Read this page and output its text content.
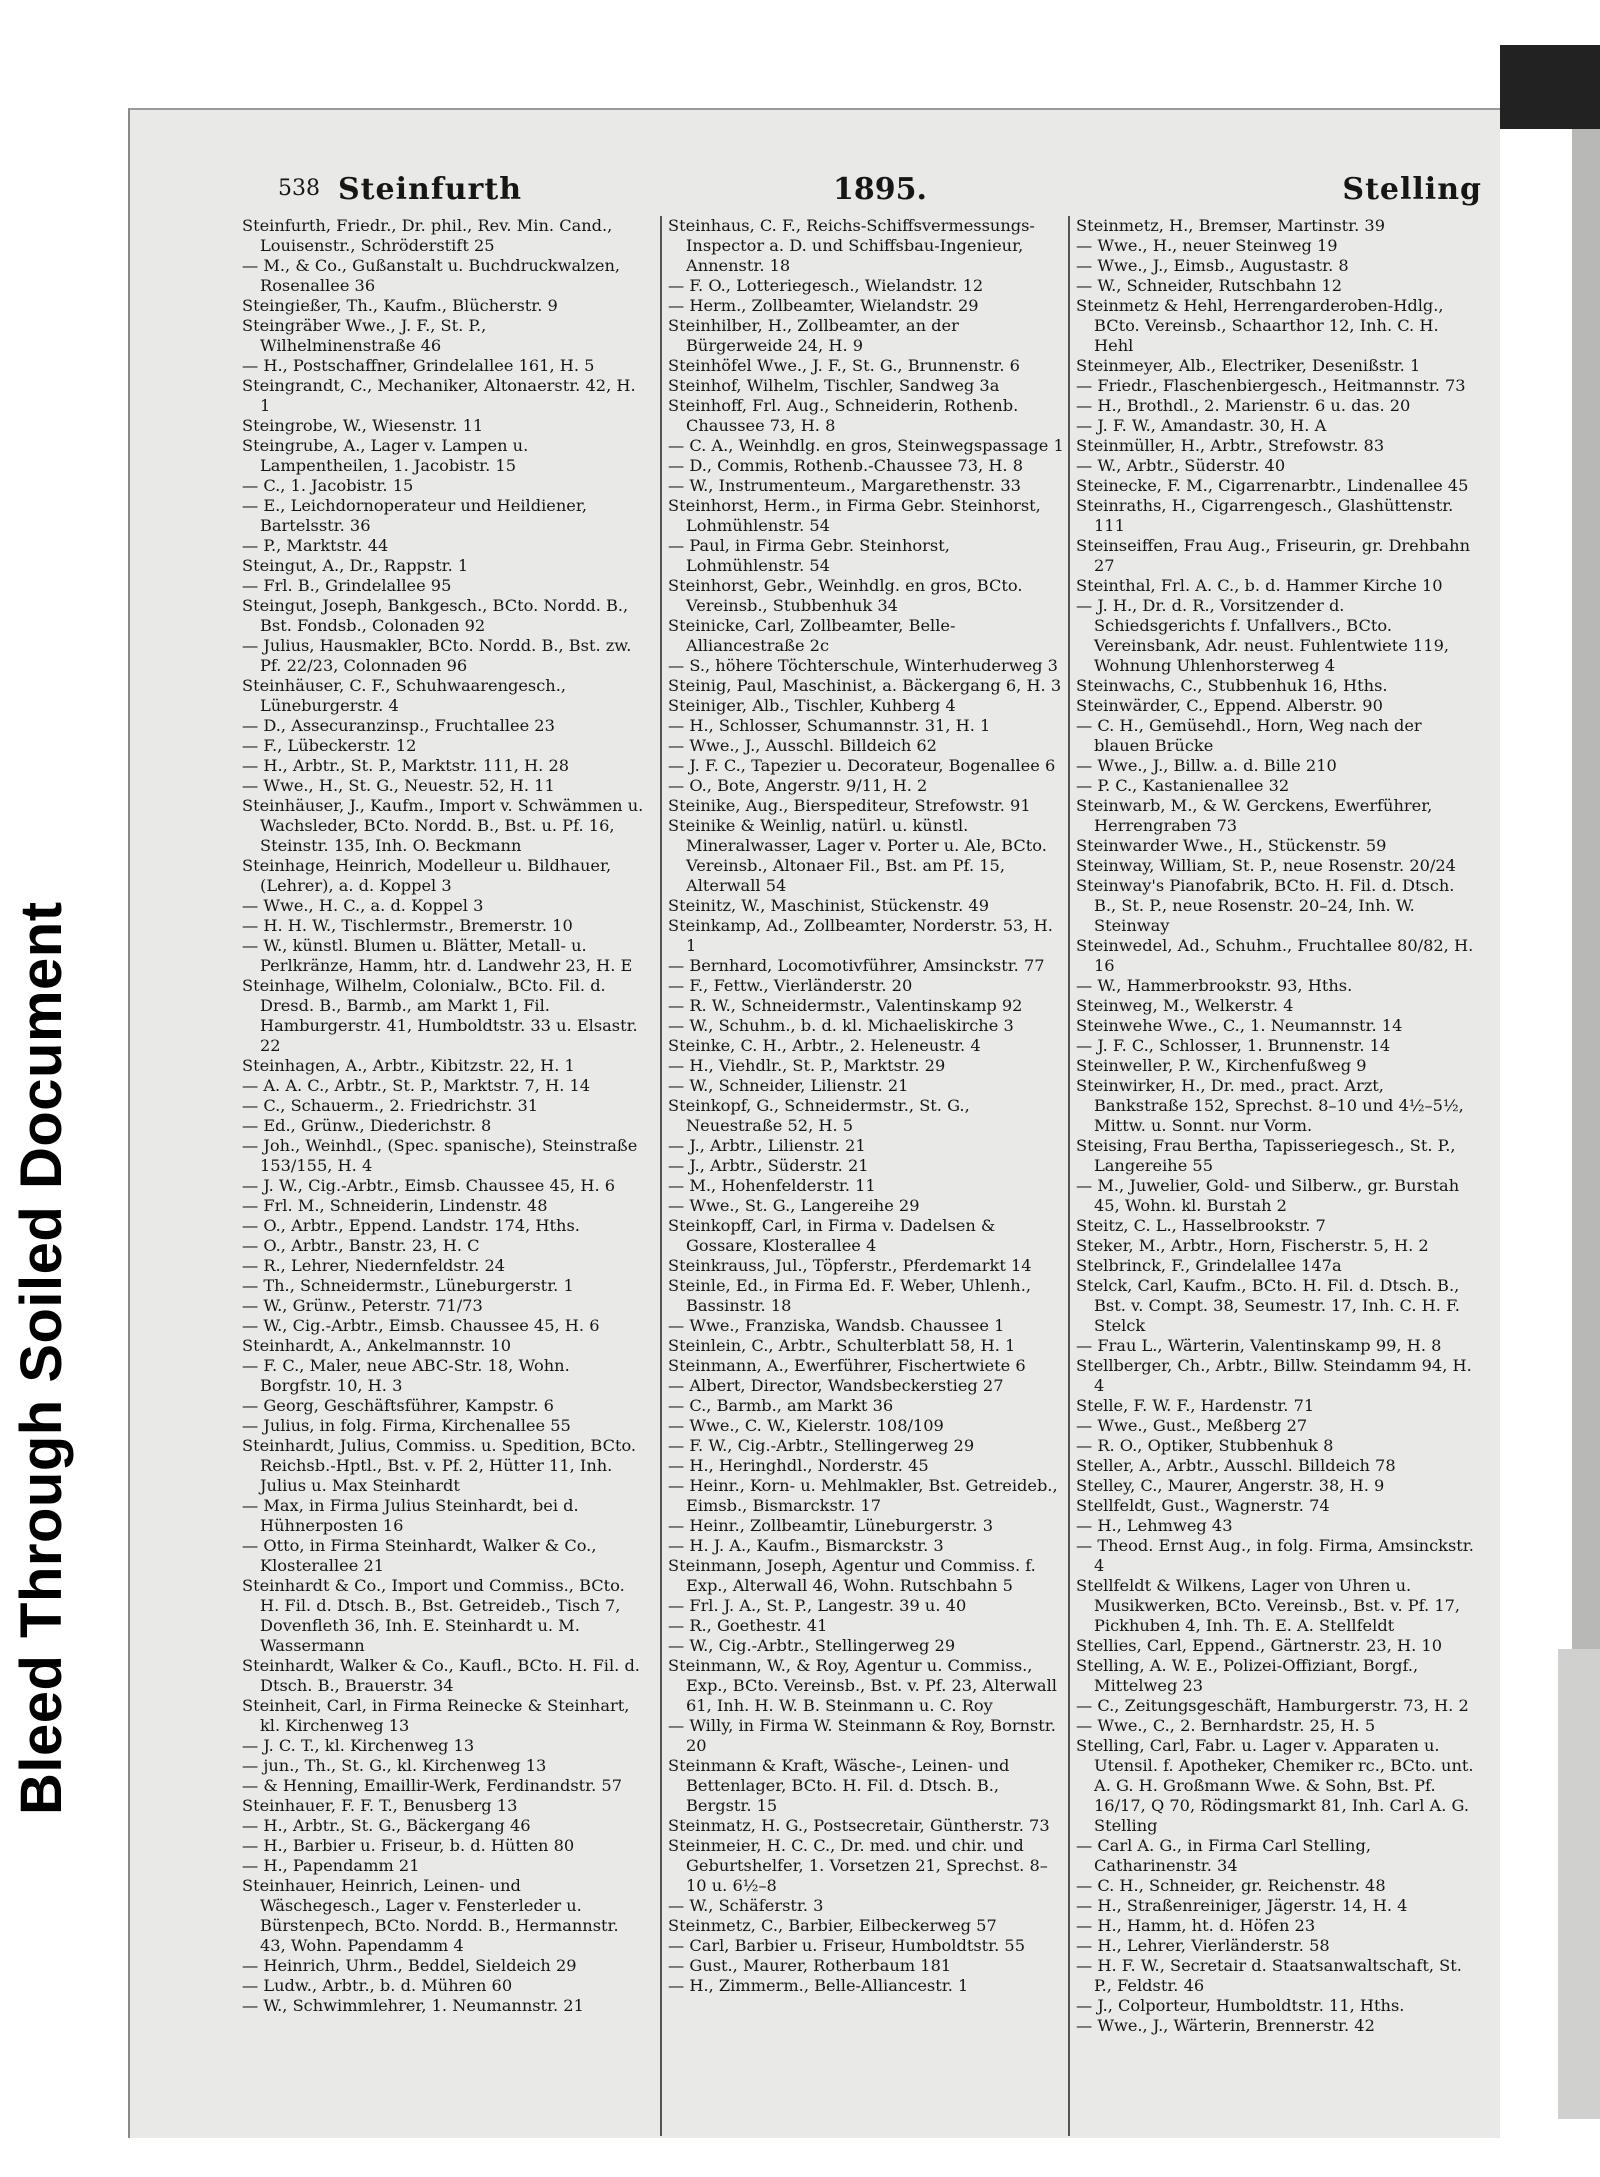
Bleed Through Soiled Document
538 Steinfurth	1895.	Stelling

Steinfurth, Friedr., Dr. phil., Rev. Min. Cand., Louisenstr., Schröderstift 25

— M., & Co., Gußanstalt u. Buchdruckwalzen, Rosenallee 36

Steingießer, Th., Kaufm., Blücherstr. 9

Steingräber Wwe., J. F., St. P., Wilhelminenstraße 46

— H., Postschaffner, Grindelallee 161, H. 5

Steingrandt, C., Mechaniker, Altonaerstr. 42, H. 1

Steingrobe, W., Wiesenstr. 11

Steingrube, A., Lager v. Lampen u. Lampentheilen, 1. Jacobistr. 15

— C., 1. Jacobistr. 15

— E., Leichdornoperateur und Heildiener, Bartelsstr. 36

— P., Marktstr. 44

Steingut, A., Dr., Rappstr. 1

— Frl. B., Grindelallee 95

Steingut, Joseph, Bankgesch., BCto. Nordd. B., Bst. Fondsb., Colonaden 92

— Julius, Hausmakler, BCto. Nordd. B., Bst. zw. Pf. 22/23, Colonnaden 96

Steinhäuser, C. F., Schuhwaarengesch., Lüneburgerstr. 4

— D., Assecuranzinsp., Fruchtallee 23

— F., Lübeckerstr. 12

— H., Arbtr., St. P., Marktstr. 111, H. 28

— Wwe., H., St. G., Neuestr. 52, H. 11

Steinhäuser, J., Kaufm., Import v. Schwämmen u. Wachsleder, BCto. Nordd. B., Bst. u. Pf. 16, Steinstr. 135, Inh. O. Beckmann

Steinhage, Heinrich, Modelleur u. Bildhauer, (Lehrer), a. d. Koppel 3

— Wwe., H. C., a. d. Koppel 3

— H. H. W., Tischlermstr., Bremerstr. 10

— W., künstl. Blumen u. Blätter, Metall- u. Perlkränze, Hamm, htr. d. Landwehr 23, H. E

Steinhage, Wilhelm, Colonialw., BCto. Fil. d. Dresd. B., Barmb., am Markt 1, Fil. Hamburgerstr. 41, Humboldtstr. 33 u. Elsastr. 22

Steinhagen, A., Arbtr., Kibitzstr. 22, H. 1

— A. A. C., Arbtr., St. P., Marktstr. 7, H. 14

— C., Schauerm., 2. Friedrichstr. 31

— Ed., Grünw., Diederichstr. 8

— Joh., Weinhdl., (Spec. spanische), Steinstraße 153/155, H. 4

— J. W., Cig.-Arbtr., Eimsb. Chaussee 45, H. 6

— Frl. M., Schneiderin, Lindenstr. 48

— O., Arbtr., Eppend. Landstr. 174, Hths.

— O., Arbtr., Banstr. 23, H. C

— R., Lehrer, Niedernfeldstr. 24

— Th., Schneidermstr., Lüneburgerstr. 1

— W., Grünw., Peterstr. 71/73

— W., Cig.-Arbtr., Eimsb. Chaussee 45, H. 6

Steinhardt, A., Ankelmannstr. 10

— F. C., Maler, neue ABC-Str. 18, Wohn. Borgfstr. 10, H. 3

— Georg, Geschäftsführer, Kampstr. 6

— Julius, in folg. Firma, Kirchenallee 55

Steinhardt, Julius, Commiss. u. Spedition, BCto. Reichsb.-Hptl., Bst. v. Pf. 2, Hütter 11, Inh. Julius u. Max Steinhardt

— Max, in Firma Julius Steinhardt, bei d. Hühnerposten 16

— Otto, in Firma Steinhardt, Walker & Co., Klosterallee 21

Steinhardt & Co., Import und Commiss., BCto. H. Fil. d. Dtsch. B., Bst. Getreideb., Tisch 7, Dovenfleth 36, Inh. E. Steinhardt u. M. Wassermann

Steinhardt, Walker & Co., Kaufl., BCto. H. Fil. d. Dtsch. B., Brauerstr. 34

Steinheit, Carl, in Firma Reinecke & Steinhart, kl. Kirchenweg 13

— J. C. T., kl. Kirchenweg 13

— jun., Th., St. G., kl. Kirchenweg 13

— & Henning, Emaillir-Werk, Ferdinandstr. 57

Steinhauer, F. F. T., Benusberg 13

— H., Arbtr., St. G., Bäckergang 46

— H., Barbier u. Friseur, b. d. Hütten 80

— H., Papendamm 21

Steinhauer, Heinrich, Leinen- und Wäschegesch., Lager v. Fensterleder u. Bürstenpech, BCto. Nordd. B., Hermannstr. 43, Wohn. Papendamm 4

— Heinrich, Uhrm., Beddel, Sieldeich 29

— Ludw., Arbtr., b. d. Mühren 60

— W., Schwimmlehrer, 1. Neumannstr. 21

Steinhaus, C. F., Reichs-Schiffsvermessungs-Inspector a. D. und Schiffsbau-Ingenieur, Annenstr. 18

— F. O., Lotteriegesch., Wielandstr. 12

— Herm., Zollbeamter, Wielandstr. 29

Steinhilber, H., Zollbeamter, an der Bürgerweide 24, H. 9

Steinhöfel Wwe., J. F., St. G., Brunnenstr. 6

Steinhof, Wilhelm, Tischler, Sandweg 3a

Steinhoff, Frl. Aug., Schneiderin, Rothenb. Chaussee 73, H. 8

— C. A., Weinhdlg. en gros, Steinwegspassage 1

— D., Commis, Rothenb.-Chaussee 73, H. 8

— W., Instrumenteum., Margarethenstr. 33

Steinhorst, Herm., in Firma Gebr. Steinhorst, Lohmühlenstr. 54

— Paul, in Firma Gebr. Steinhorst, Lohmühlenstr. 54

Steinhorst, Gebr., Weinhdlg. en gros, BCto. Vereinsb., Stubbenhuk 34

Steinicke, Carl, Zollbeamter, Belle-Alliancestraße 2c

— S., höhere Töchterschule, Winterhuderweg 3

Steinig, Paul, Maschinist, a. Bäckergang 6, H. 3

Steiniger, Alb., Tischler, Kuhberg 4

— H., Schlosser, Schumannstr. 31, H. 1

— Wwe., J., Ausschl. Billdeich 62

— J. F. C., Tapezier u. Decorateur, Bogenallee 6

— O., Bote, Angerstr. 9/11, H. 2

Steinike, Aug., Bierspediteur, Strefowstr. 91

Steinike & Weinlig, natürl. u. künstl. Mineralwasser, Lager v. Porter u. Ale, BCto. Vereinsb., Altonaer Fil., Bst. am Pf. 15, Alterwall 54

Steinitz, W., Maschinist, Stückenstr. 49

Steinkamp, Ad., Zollbeamter, Norderstr. 53, H. 1

— Bernhard, Locomotivführer, Amsinckstr. 77

— F., Fettw., Vierländerstr. 20

— R. W., Schneidermstr., Valentinskamp 92

— W., Schuhm., b. d. kl. Michaeliskirche 3

Steinke, C. H., Arbtr., 2. Heleneustr. 4

— H., Viehdlr., St. P., Marktstr. 29

— W., Schneider, Lilienstr. 21

Steinkopf, G., Schneidermstr., St. G., Neuestraße 52, H. 5

— J., Arbtr., Lilienstr. 21

— J., Arbtr., Süderstr. 21

— M., Hohenfelderstr. 11

— Wwe., St. G., Langereihe 29

Steinkopff, Carl, in Firma v. Dadelsen & Gossare, Klosterallee 4

Steinkrauss, Jul., Töpferstr., Pferdemarkt 14

Steinle, Ed., in Firma Ed. F. Weber, Uhlenh., Bassinstr. 18

— Wwe., Franziska, Wandsb. Chaussee 1

Steinlein, C., Arbtr., Schulterblatt 58, H. 1

Steinmann, A., Ewerführer, Fischertwiete 6

— Albert, Director, Wandsbeckerstieg 27

— C., Barmb., am Markt 36

— Wwe., C. W., Kielerstr. 108/109

— F. W., Cig.-Arbtr., Stellingerweg 29

— H., Heringhdl., Norderstr. 45

— Heinr., Korn- u. Mehlmakler, Bst. Getreideb., Eimsb., Bismarckstr. 17

— Heinr., Zollbeamtir, Lüneburgerstr. 3

— H. J. A., Kaufm., Bismarckstr. 3

Steinmann, Joseph, Agentur und Commiss. f. Exp., Alterwall 46, Wohn. Rutschbahn 5

— Frl. J. A., St. P., Langestr. 39 u. 40

— R., Goethestr. 41

— W., Cig.-Arbtr., Stellingerweg 29

Steinmann, W., & Roy, Agentur u. Commiss., Exp., BCto. Vereinsb., Bst. v. Pf. 23, Alterwall 61, Inh. H. W. B. Steinmann u. C. Roy

— Willy, in Firma W. Steinmann & Roy, Bornstr. 20

Steinmann & Kraft, Wäsche-, Leinen- und Bettenlager, BCto. H. Fil. d. Dtsch. B., Bergstr. 15

Steinmatz, H. G., Postsecretair, Güntherstr. 73

Steinmeier, H. C. C., Dr. med. und chir. und Geburtshelfer, 1. Vorsetzen 21, Sprechst. 8–10 u. 6½–8

— W., Schäferstr. 3

Steinmetz, C., Barbier, Eilbeckerweg 57

— Carl, Barbier u. Friseur, Humboldtstr. 55

— Gust., Maurer, Rotherbaum 181

— H., Zimmerm., Belle-Alliancestr. 1

Steinmetz, H., Bremser, Martinstr. 39

— Wwe., H., neuer Steinweg 19

— Wwe., J., Eimsb., Augustastr. 8

— W., Schneider, Rutschbahn 12

Steinmetz & Hehl, Herrengarderoben-Hdlg., BCto. Vereinsb., Schaarthor 12, Inh. C. H. Hehl

Steinmeyer, Alb., Electriker, Desenißstr. 1

— Friedr., Flaschenbiergesch., Heitmannstr. 73

— H., Brothdl., 2. Marienstr. 6 u. das. 20

— J. F. W., Amandastr. 30, H. A

Steinmüller, H., Arbtr., Strefowstr. 83

— W., Arbtr., Süderstr. 40

Steinecke, F. M., Cigarrenarbtr., Lindenallee 45

Steinraths, H., Cigarrengesch., Glashüttenstr. 111

Steinseiffen, Frau Aug., Friseurin, gr. Drehbahn 27

Steinthal, Frl. A. C., b. d. Hammer Kirche 10

— J. H., Dr. d. R., Vorsitzender d. Schiedsgerichts f. Unfallvers., BCto. Vereinsbank, Adr. neust. Fuhlentwiete 119, Wohnung Uhlenhorsterweg 4

Steinwachs, C., Stubbenhuk 16, Hths.

Steinwärder, C., Eppend. Alberstr. 90

— C. H., Gemüsehdl., Horn, Weg nach der blauen Brücke

— Wwe., J., Billw. a. d. Bille 210

— P. C., Kastanienallee 32

Steinwarb, M., & W. Gerckens, Ewerführer, Herrengraben 73

Steinwarder Wwe., H., Stückenstr. 59

Steinway, William, St. P., neue Rosenstr. 20/24

Steinway's Pianofabrik, BCto. H. Fil. d. Dtsch. B., St. P., neue Rosenstr. 20–24, Inh. W. Steinway

Steinwedel, Ad., Schuhm., Fruchtallee 80/82, H. 16

— W., Hammerbrookstr. 93, Hths.

Steinweg, M., Welkerstr. 4

Steinwehe Wwe., C., 1. Neumannstr. 14

— J. F. C., Schlosser, 1. Brunnenstr. 14

Steinweller, P. W., Kirchenfußweg 9

Steinwirker, H., Dr. med., pract. Arzt, Bankstraße 152, Sprechst. 8–10 und 4½–5½, Mittw. u. Sonnt. nur Vorm.

Steising, Frau Bertha, Tapisseriegesch., St. P., Langereihe 55

— M., Juwelier, Gold- und Silberw., gr. Burstah 45, Wohn. kl. Burstah 2

Steitz, C. L., Hasselbrookstr. 7

Steker, M., Arbtr., Horn, Fischerstr. 5, H. 2

Stelbrinck, F., Grindelallee 147a

Stelck, Carl, Kaufm., BCto. H. Fil. d. Dtsch. B., Bst. v. Compt. 38, Seumestr. 17, Inh. C. H. F. Stelck

— Frau L., Wärterin, Valentinskamp 99, H. 8

Stellberger, Ch., Arbtr., Billw. Steindamm 94, H. 4

Stelle, F. W. F., Hardenstr. 71

— Wwe., Gust., Meßberg 27

— R. O., Optiker, Stubbenhuk 8

Steller, A., Arbtr., Ausschl. Billdeich 78

Stelley, C., Maurer, Angerstr. 38, H. 9

Stellfeldt, Gust., Wagnerstr. 74

— H., Lehmweg 43

— Theod. Ernst Aug., in folg. Firma, Amsinckstr. 4

Stellfeldt & Wilkens, Lager von Uhren u. Musikwerken, BCto. Vereinsb., Bst. v. Pf. 17, Pickhuben 4, Inh. Th. E. A. Stellfeldt

Stellies, Carl, Eppend., Gärtnerstr. 23, H. 10

Stelling, A. W. E., Polizei-Offiziant, Borgf., Mittelweg 23

— C., Zeitungsgeschäft, Hamburgerstr. 73, H. 2

— Wwe., C., 2. Bernhardstr. 25, H. 5

Stelling, Carl, Fabr. u. Lager v. Apparaten u. Utensil. f. Apotheker, Chemiker rc., BCto. unt. A. G. H. Großmann Wwe. & Sohn, Bst. Pf. 16/17, Q 70, Rödingsmarkt 81, Inh. Carl A. G. Stelling

— Carl A. G., in Firma Carl Stelling, Catharinenstr. 34

— C. H., Schneider, gr. Reichenstr. 48

— H., Straßenreiniger, Jägerstr. 14, H. 4

— H., Hamm, ht. d. Höfen 23

— H., Lehrer, Vierländerstr. 58

— H. F. W., Secretair d. Staatsanwaltschaft, St. P., Feldstr. 46

— J., Colporteur, Humboldtstr. 11, Hths.

— Wwe., J., Wärterin, Brennerstr. 42
